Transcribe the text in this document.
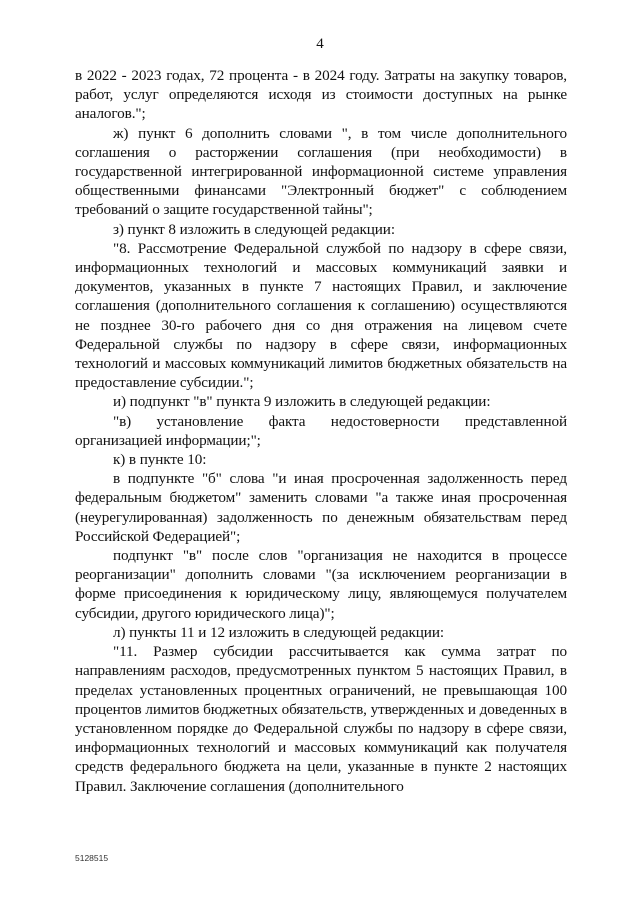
4

в 2022 - 2023 годах, 72 процента - в 2024 году. Затраты на закупку товаров, работ, услуг определяются исходя из стоимости доступных на рынке аналогов.";

ж) пункт 6 дополнить словами ", в том числе дополнительного соглашения о расторжении соглашения (при необходимости) в государственной интегрированной информационной системе управления общественными финансами "Электронный бюджет" с соблюдением требований о защите государственной тайны";

з) пункт 8 изложить в следующей редакции:

"8. Рассмотрение Федеральной службой по надзору в сфере связи, информационных технологий и массовых коммуникаций заявки и документов, указанных в пункте 7 настоящих Правил, и заключение соглашения (дополнительного соглашения к соглашению) осуществляются не позднее 30-го рабочего дня со дня отражения на лицевом счете Федеральной службы по надзору в сфере связи, информационных технологий и массовых коммуникаций лимитов бюджетных обязательств на предоставление субсидии.";

и) подпункт "в" пункта 9 изложить в следующей редакции:

"в) установление факта недостоверности представленной организацией информации;";

к) в пункте 10:

в подпункте "б" слова "и иная просроченная задолженность перед федеральным бюджетом" заменить словами "а также иная просроченная (неурегулированная) задолженность по денежным обязательствам перед Российской Федерацией";

подпункт "в" после слов "организация не находится в процессе реорганизации" дополнить словами "(за исключением реорганизации в форме присоединения к юридическому лицу, являющемуся получателем субсидии, другого юридического лица)";

л) пункты 11 и 12 изложить в следующей редакции:

"11. Размер субсидии рассчитывается как сумма затрат по направлениям расходов, предусмотренных пунктом 5 настоящих Правил, в пределах установленных процентных ограничений, не превышающая 100 процентов лимитов бюджетных обязательств, утвержденных и доведенных в установленном порядке до Федеральной службы по надзору в сфере связи, информационных технологий и массовых коммуникаций как получателя средств федерального бюджета на цели, указанные в пункте 2 настоящих Правил. Заключение соглашения (дополнительного

5128515
